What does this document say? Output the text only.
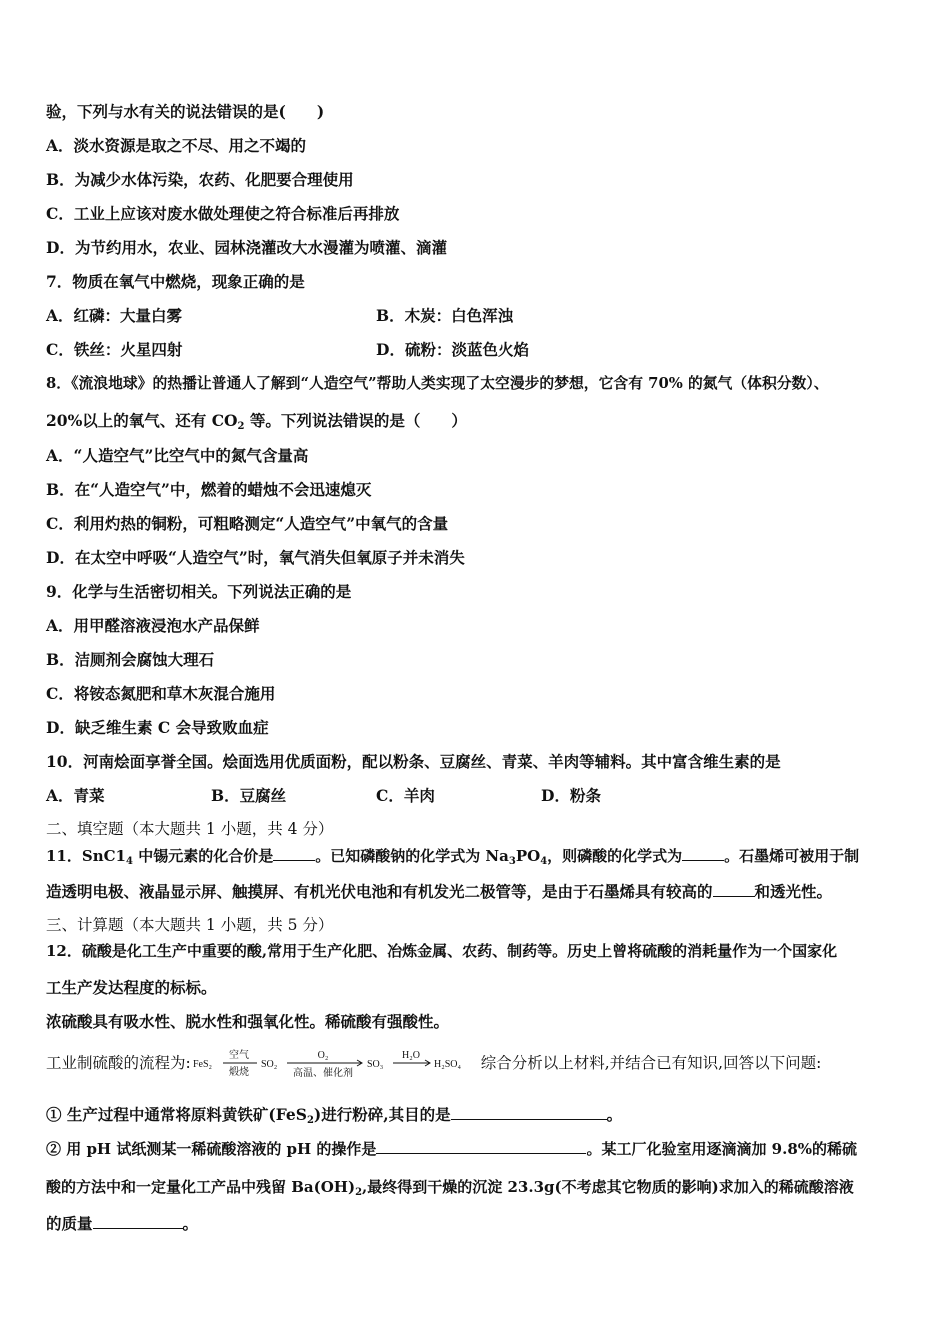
验，下列与水有关的说法错误的是(　　)
A．淡水资源是取之不尽、用之不竭的
B．为减少水体污染，农药、化肥要合理使用
C．工业上应该对废水做处理使之符合标准后再排放
D．为节约用水，农业、园林浇灌改大水漫灌为喷灌、滴灌
7．物质在氧气中燃烧，现象正确的是
A．红磷：大量白雾	B．木炭：白色浑浊
C．铁丝：火星四射	D．硫粉：淡蓝色火焰
8．《流浪地球》的热播让普通人了解到“人造空气”帮助人类实现了太空漫步的梦想，它含有 70% 的氮气（体积分数）、
20%以上的氧气、还有 $CO_2$ 等。下列说法错误的是（　　）
A．“人造空气”比空气中的氮气含量高
B．在“人造空气”中，燃着的蜡烛不会迅速熄灭
C．利用灼热的铜粉，可粗略测定“人造空气”中氧气的含量
D．在太空中呼吸“人造空气”时，氧气消失但氧原子并未消失
9．化学与生活密切相关。下列说法正确的是
A．用甲醛溶液浸泡水产品保鲜
B．洁厕剂会腐蚀大理石
C．将铵态氮肥和草木灰混合施用
D．缺乏维生素 C 会导致败血症
10．河南烩面享誉全国。烩面选用优质面粉，配以粉条、豆腐丝、青菜、羊肉等辅料。其中富含维生素的是
A．青菜	B．豆腐丝	C．羊肉	D．粉条
二、填空题（本大题共 1 小题，共 4 分）
11．$SnC1_4$ 中锡元素的化合价是	。已知磷酸钠的化学式为 $Na_3PO_4$，则磷酸的化学式为	。石墨烯可被用于制
造透明电极、液晶显示屏、触摸屏、有机光伏电池和有机发光二极管等，是由于石墨烯具有较高的	和透光性。
三、计算题（本大题共 1 小题，共 5 分）
12．硫酸是化工生产中重要的酸,常用于生产化肥、冶炼金属、农药、制药等。历史上曾将硫酸的消耗量作为一个国家化
工生产发达程度的标标。
浓硫酸具有吸水性、脱水性和强氧化性。稀硫酸有强酸性。
工业制硫酸的流程为: FeS₂
空气
煅烧
SO₂
O₂
高温、催化剂
SO₃
H₂O
H₂SO₄ 综合分析以上材料,并结合已有知识,回答以下问题:
① 生产过程中通常将原料黄铁矿(FeS$_2$)进行粉碎,其目的是	。
② 用 pH 试纸测某一稀硫酸溶液的 pH 的操作是	。某工厂化验室用逐滴滴加 9.8%的稀硫
酸的方法中和一定量化工产品中残留 $Ba(OH)_2$,最终得到干燥的沉淀 23.3g(不考虑其它物质的影响)求加入的稀硫酸溶液
的质量	。
